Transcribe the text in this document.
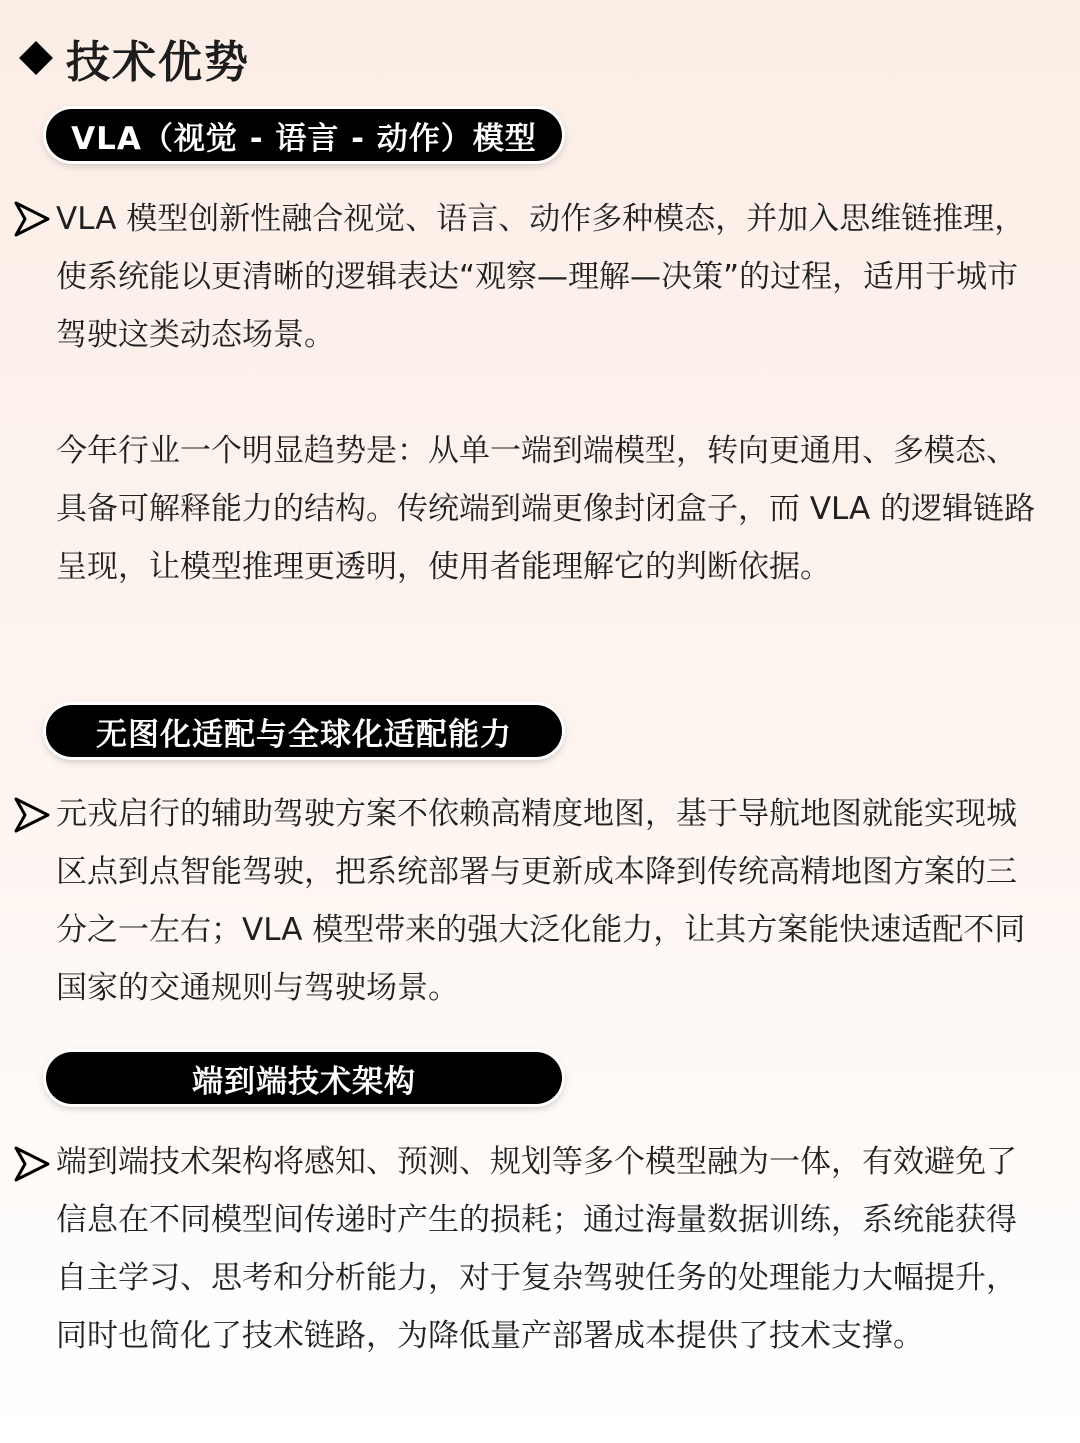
技术优势
VLA（视觉 - 语言 - 动作）模型
VLA 模型创新性融合视觉、语言、动作多种模态，并加入思维链推理，使系统能以更清晰的逻辑表达“观察—理解—决策”的过程，适用于城市驾驶这类动态场景。
今年行业一个明显趋势是：从单一端到端模型，转向更通用、多模态、具备可解释能力的结构。传统端到端更像封闭盒子，而 VLA 的逻辑链路呈现，让模型推理更透明，使用者能理解它的判断依据。
无图化适配与全球化适配能力
元戎启行的辅助驾驶方案不依赖高精度地图，基于导航地图就能实现城区点到点智能驾驶，把系统部署与更新成本降到传统高精地图方案的三分之一左右；VLA 模型带来的强大泛化能力，让其方案能快速适配不同国家的交通规则与驾驶场景。
端到端技术架构
端到端技术架构将感知、预测、规划等多个模型融为一体，有效避免了信息在不同模型间传递时产生的损耗；通过海量数据训练，系统能获得自主学习、思考和分析能力，对于复杂驾驶任务的处理能力大幅提升，同时也简化了技术链路，为降低量产部署成本提供了技术支撑。
